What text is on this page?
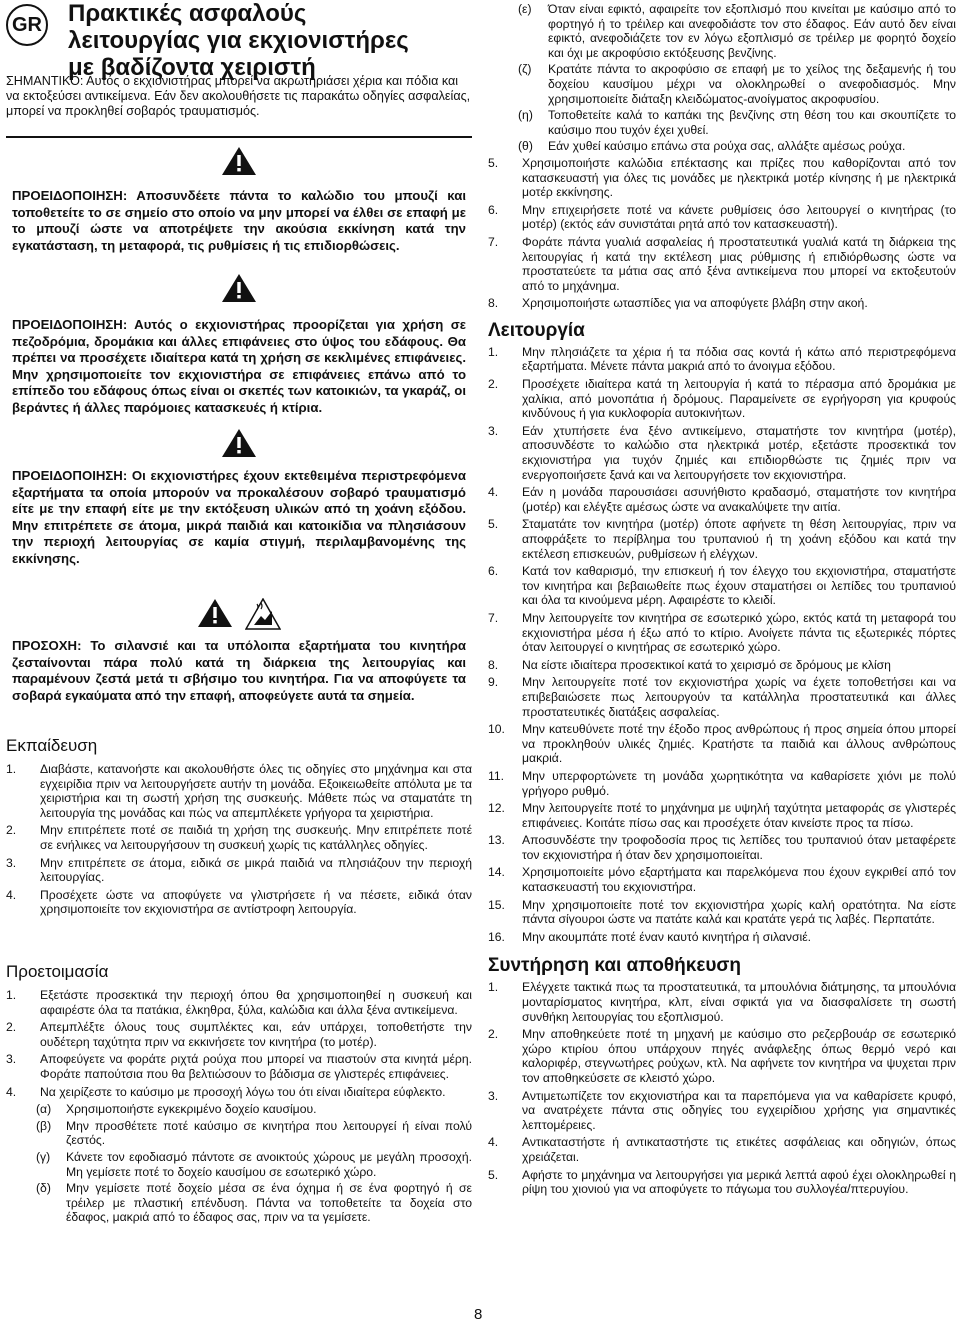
GR Πρακτικές ασφαλούς
λειτουργίας για εκχιονιστήρες
με βαδίζοντα χειριστή

ΣΗΜΑΝΤΙΚΟ: Αυτός ο εκχιονιστήρας μπορεί να ακρωτηριάσει χέρια και πόδια και να εκτοξεύσει αντικείμενα. Εάν δεν ακολουθήσετε τις παρακάτω οδηγίες ασφαλείας, μπορεί να προκληθεί σοβαρός τραυματισμός.

ΠΡΟΕΙΔΟΠΟΙΗΣΗ: Αποσυνδέετε πάντα το καλώδιο του μπουζί και τοποθετείτε το σε σημείο στο οποίο να μην μπορεί να έλθει σε επαφή με το μπουζί ώστε να αποτρέψετε την ακούσια εκκίνηση κατά την εγκατάσταση, τη μεταφορά, τις ρυθμίσεις ή τις επιδιορθώσεις.

ΠΡΟΕΙΔΟΠΟΙΗΣΗ: Αυτός ο εκχιονιστήρας προορίζεται για χρήση σε πεζοδρόμια, δρομάκια και άλλες επιφάνειες στο ύψος του εδάφους. Θα πρέπει να προσέχετε ιδιαίτερα κατά τη χρήση σε κεκλιμένες επιφάνειες. Μην χρησιμοποιείτε τον εκχιονιστήρα σε επιφάνειες επάνω από το επίπεδο του εδάφους όπως είναι οι σκεπές των κατοικιών, τα γκαράζ, οι βεράντες ή άλλες παρόμοιες κατασκευές ή κτίρια.

ΠΡΟΕΙΔΟΠΟΙΗΣΗ: Οι εκχιονιστήρες έχουν εκτεθειμένα περιστρεφόμενα εξαρτήματα τα οποία μπορούν να προκαλέσουν σοβαρό τραυματισμό είτε με την επαφή είτε με την εκτόξευση υλικών από τη χοάνη εξόδου. Μην επιτρέπετε σε άτομα, μικρά παιδιά και κατοικίδια να πλησιάσουν την περιοχή λειτουργίας σε καμία στιγμή, περιλαμβανομένης της εκκίνησης.

ΠΡΟΣΟΧΗ: Το σιλανσιέ και τα υπόλοιπα εξαρτήματα του κινητήρα ζεσταίνονται πάρα πολύ κατά τη διάρκεια της λειτουργίας και παραμένουν ζεστά μετά τι σβήσιμο του κινητήρα. Για να αποφύγετε τα σοβαρά εγκαύματα από την επαφή, αποφεύγετε αυτά τα σημεία.

Εκπαίδευση
1.	Διαβάστε, κατανοήστε και ακολουθήστε όλες τις οδηγίες στο μηχάνημα και στα εγχειρίδια πριν να λειτουργήσετε αυτήν τη μονάδα. Εξοικειωθείτε απόλυτα με τα χειριστήρια και τη σωστή χρήση της συσκευής. Μάθετε πώς να σταματάτε τη λειτουργία της μονάδας και πώς να απεμπλέκετε γρήγορα τα χειριστήρια.
2.	Μην επιτρέπετε ποτέ σε παιδιά τη χρήση της συσκευής. Μην επιτρέπετε ποτέ σε ενήλικες να λειτουργήσουν τη συσκευή χωρίς τις κατάλληλες οδηγίες.
3.	Μην επιτρέπετε σε άτομα, ειδικά σε μικρά παιδιά να πλησιάζουν την περιοχή λειτουργίας.
4.	Προσέχετε ώστε να αποφύγετε να γλιστρήσετε ή να πέσετε, ειδικά όταν χρησιμοποιείτε τον εκχιονιστήρα σε αντίστροφη λειτουργία.
Προετοιμασία
1.	Εξετάστε προσεκτικά την περιοχή όπου θα χρησιμοποιηθεί η συσκευή και αφαιρέστε όλα τα πατάκια, έλκηθρα, ξύλα, καλώδια και άλλα ξένα αντικείμενα.
2.	Απεμπλέξτε όλους τους συμπλέκτες και, εάν υπάρχει, τοποθετήστε την ουδέτερη ταχύτητα πριν να εκκινήσετε τον κινητήρα (το μοτέρ).
3.	Αποφεύγετε να φοράτε ριχτά ρούχα που μπορεί να πιαστούν στα κινητά μέρη. Φοράτε παπούτσια που θα βελτιώσουν το βάδισμα σε γλιστερές επιφάνειες.
4.	Να χειρίζεστε το καύσιμο με προσοχή λόγω του ότι είναι ιδιαίτερα εύφλεκτο.
(α)	Χρησιμοποιήστε εγκεκριμένο δοχείο καυσίμου.
(β)	Μην προσθέτετε ποτέ καύσιμο σε κινητήρα που λειτουργεί ή είναι πολύ ζεστός.
(γ)	Κάνετε τον εφοδιασμό πάντοτε σε ανοικτούς χώρους με μεγάλη προσοχή. Μη γεμίσετε ποτέ το δοχείο καυσίμου σε εσωτερικό χώρο.
(δ)	Μην γεμίσετε ποτέ δοχείο μέσα σε ένα όχημα ή σε ένα φορτηγό ή σε τρέιλερ με πλαστική επένδυση. Πάντα να τοποθετείτε τα δοχεία στο έδαφος, μακριά από το έδαφος σας, πριν να τα γεμίσετε.
(ε)	Όταν είναι εφικτό, αφαιρείτε τον εξοπλισμό που κινείται με καύσιμο από το φορτηγό ή το τρέιλερ και ανεφοδιάστε τον στο έδαφος. Εάν αυτό δεν είναι εφικτό, ανεφοδιάζετε τον εν λόγω εξοπλισμό σε τρέιλερ με φορητό δοχείο και όχι με ακροφύσιο εκτόξευσης βενζίνης.
(ζ)	Κρατάτε πάντα το ακροφύσιο σε επαφή με το χείλος της δεξαμενής ή του δοχείου καυσίμου μέχρι να ολοκληρωθεί ο ανεφοδιασμός. Μην χρησιμοποιείτε διάταξη κλειδώματος-ανοίγματος ακροφυσίου.
(η)	Τοποθετείτε καλά το καπάκι της βενζίνης στη θέση του και σκουπίζετε το καύσιμο που τυχόν έχει χυθεί.
(θ)	Εάν χυθεί καύσιμο επάνω στα ρούχα σας, αλλάξτε αμέσως ρούχα.
5.	Χρησιμοποιήστε καλώδια επέκτασης και πρίζες που καθορίζονται από τον κατασκευαστή για όλες τις μονάδες με ηλεκτρικά μοτέρ κίνησης ή με ηλεκτρικά μοτέρ εκκίνησης.
6.	Μην επιχειρήσετε ποτέ να κάνετε ρυθμίσεις όσο λειτουργεί ο κινητήρας (το μοτέρ) (εκτός εάν συνιστάται ρητά από τον κατασκευαστή).
7.	Φοράτε πάντα γυαλιά ασφαλείας ή προστατευτικά γυαλιά κατά τη διάρκεια της λειτουργίας ή κατά την εκτέλεση μιας ρύθμισης ή επιδιόρθωσης ώστε να προστατεύετε τα μάτια σας από ξένα αντικείμενα που μπορεί να εκτοξευτούν από το μηχάνημα.
8.	Χρησιμοποιήστε ωτασπίδες για να αποφύγετε βλάβη στην ακοή.
Λειτουργία
1.	Μην πλησιάζετε τα χέρια ή τα πόδια σας κοντά ή κάτω από περιστρεφόμενα εξαρτήματα. Μένετε πάντα μακριά από το άνοιγμα εξόδου.
2.	Προσέχετε ιδιαίτερα κατά τη λειτουργία ή κατά το πέρασμα από δρομάκια με χαλίκια, από μονοπάτια ή δρόμους. Παραμείνετε σε εγρήγορση για κρυφούς κινδύνους ή για κυκλοφορία αυτοκινήτων.
3.	Εάν χτυπήσετε ένα ξένο αντικείμενο, σταματήστε τον κινητήρα (μοτέρ), αποσυνδέστε το καλώδιο στα ηλεκτρικά μοτέρ, εξετάστε προσεκτικά τον εκχιονιστήρα για τυχόν ζημιές και επιδιορθώστε τις ζημιές πριν να ενεργοποιήσετε ξανά και να λειτουργήσετε τον εκχιονιστήρα.
4.	Εάν η μονάδα παρουσιάσει ασυνήθιστο κραδασμό, σταματήστε τον κινητήρα (μοτέρ) και ελέγξτε αμέσως ώστε να ανακαλύψετε την αιτία.
5.	Σταματάτε τον κινητήρα (μοτέρ) όποτε αφήνετε τη θέση λειτουργίας, πριν να αποφράξετε το περίβλημα του τρυπανιού ή τη χοάνη εξόδου και κατά την εκτέλεση επισκευών, ρυθμίσεων ή ελέγχων.
6.	Κατά τον καθαρισμό, την επισκευή ή τον έλεγχο του εκχιονιστήρα, σταματήστε τον κινητήρα και βεβαιωθείτε πως έχουν σταματήσει οι λεπίδες του τρυπανιού και όλα τα κινούμενα μέρη. Αφαιρέστε το κλειδί.
7.	Μην λειτουργείτε τον κινητήρα σε εσωτερικό χώρο, εκτός κατά τη μεταφορά του εκχιονιστήρα μέσα ή έξω από το κτίριο. Ανοίγετε πάντα τις εξωτερικές πόρτες όταν λειτουργεί ο κινητήρας σε εσωτερικό χώρο.
8.	Να είστε ιδιαίτερα προσεκτικοί κατά το χειρισμό σε δρόμους με κλίση
9.	Μην λειτουργείτε ποτέ τον εκχιονιστήρα χωρίς να έχετε τοποθετήσει και να επιβεβαιώσετε πως λειτουργούν τα κατάλληλα προστατευτικά και άλλες προστατευτικές διατάξεις ασφαλείας.
10.	Μην κατευθύνετε ποτέ την έξοδο προς ανθρώπους ή προς σημεία όπου μπορεί να προκληθούν υλικές ζημιές. Κρατήστε τα παιδιά και άλλους ανθρώπους μακριά.
11.	Μην υπερφορτώνετε τη μονάδα χωρητικότητα να καθαρίσετε χιόνι με πολύ γρήγορο ρυθμό.
12.	Μην λειτουργείτε ποτέ το μηχάνημα με υψηλή ταχύτητα μεταφοράς σε γλιστερές επιφάνειες. Κοιτάτε πίσω σας και προσέχετε όταν κινείστε προς τα πίσω.
13.	Αποσυνδέστε την τροφοδοσία προς τις λεπίδες του τρυπανιού όταν μεταφέρετε τον εκχιονιστήρα ή όταν δεν χρησιμοποιείται.
14.	Χρησιμοποιείτε μόνο εξαρτήματα και παρελκόμενα που έχουν εγκριθεί από τον κατασκευαστή του εκχιονιστήρα.
15.	Μην χρησιμοποιείτε ποτέ τον εκχιονιστήρα χωρίς καλή ορατότητα. Να είστε πάντα σίγουροι ώστε να πατάτε καλά και κρατάτε γερά τις λαβές. Περπατάτε.
16.	Μην ακουμπάτε ποτέ έναν καυτό κινητήρα ή σιλανσιέ.
Συντήρηση και αποθήκευση
1.	Ελέγχετε τακτικά πως τα προστατευτικά, τα μπουλόνια διάτμησης, τα μπουλόνια μονταρίσματος κινητήρα, κλπ, είναι σφικτά για να διασφαλίσετε τη σωστή συνθήκη λειτουργίας του εξοπλισμού.
2.	Μην αποθηκεύετε ποτέ τη μηχανή με καύσιμο στο ρεζερβουάρ σε εσωτερικό χώρο κτιρίου όπου υπάρχουν πηγές ανάφλεξης όπως θερμό νερό και καλοριφέρ, στεγνωτήρες ρούχων, κτλ. Να αφήνετε τον κινητήρα να ψυχεται πριν τον αποθηκεύσετε σε κλειστό χώρο.
3.	Αντιμετωπίζετε τον εκχιονιστήρα και τα παρεπόμενα για να καθαρίσετε κρυφό, να ανατρέχετε πάντα στις οδηγίες του εγχειρίδιου χρήσης για σημαντικές λεπτομέρειες.
4.	Αντικαταστήστε ή αντικαταστήστε τις ετικέτες ασφάλειας και οδηγιών, όπως χρειάζεται.
5.	Αφήστε το μηχάνημα να λειτουργήσει για μερικά λεπτά αφού έχει ολοκληρωθεί η ρίψη του χιονιού για να αποφύγετε το πάγωμα του συλλογέα/πτερυγίου.
8
